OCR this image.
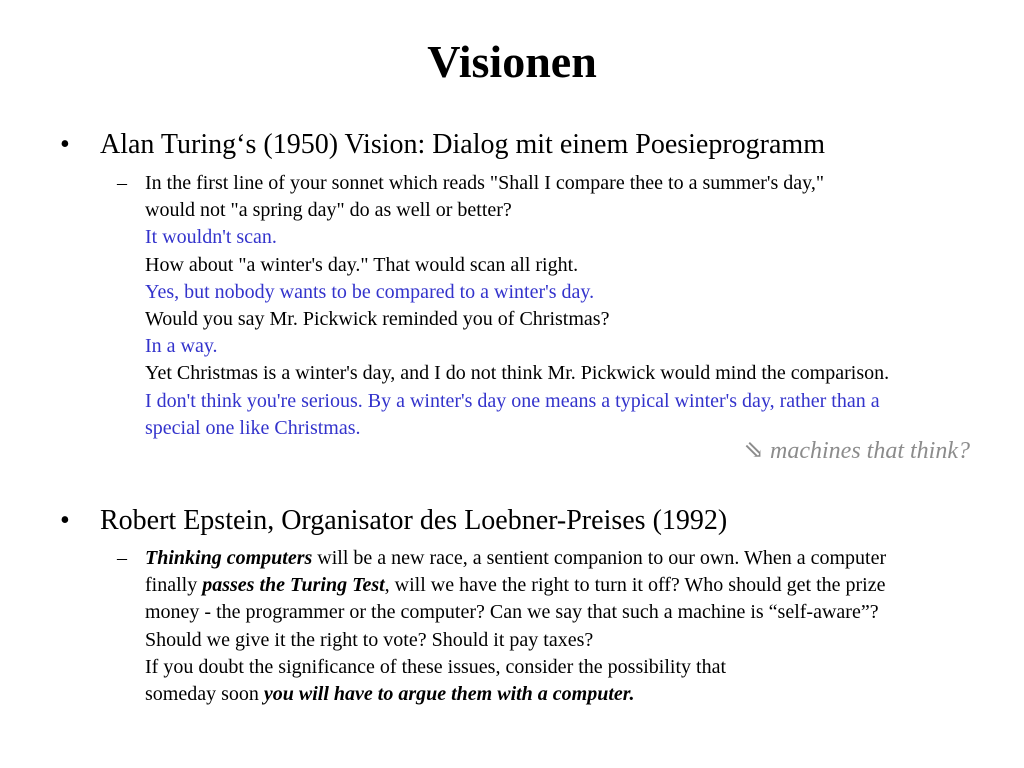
Visionen
• Alan Turing‘s (1950) Vision: Dialog mit einem Poesieprogramm
– In the first line of your sonnet which reads "Shall I compare thee to a summer's day,"
would not "a spring day" do as well or better?
It wouldn't scan.
How about "a winter's day." That would scan all right.
Yes, but nobody wants to be compared to a winter's day.
Would you say Mr. Pickwick reminded you of Christmas?
In a way.
Yet Christmas is a winter's day, and I do not think Mr. Pickwick would mind the comparison.
I don't think you're serious. By a winter's day one means a typical winter's day, rather than a
special one like Christmas.
⇘ machines that think?
• Robert Epstein, Organisator des Loebner-Preises (1992)
– Thinking computers will be a new race, a sentient companion to our own. When a computer
finally passes the Turing Test, will we have the right to turn it off? Who should get the prize
money - the programmer or the computer? Can we say that such a machine is “self-aware”?
Should we give it the right to vote? Should it pay taxes?
If you doubt the significance of these issues, consider the possibility that
someday soon you will have to argue them with a computer.
